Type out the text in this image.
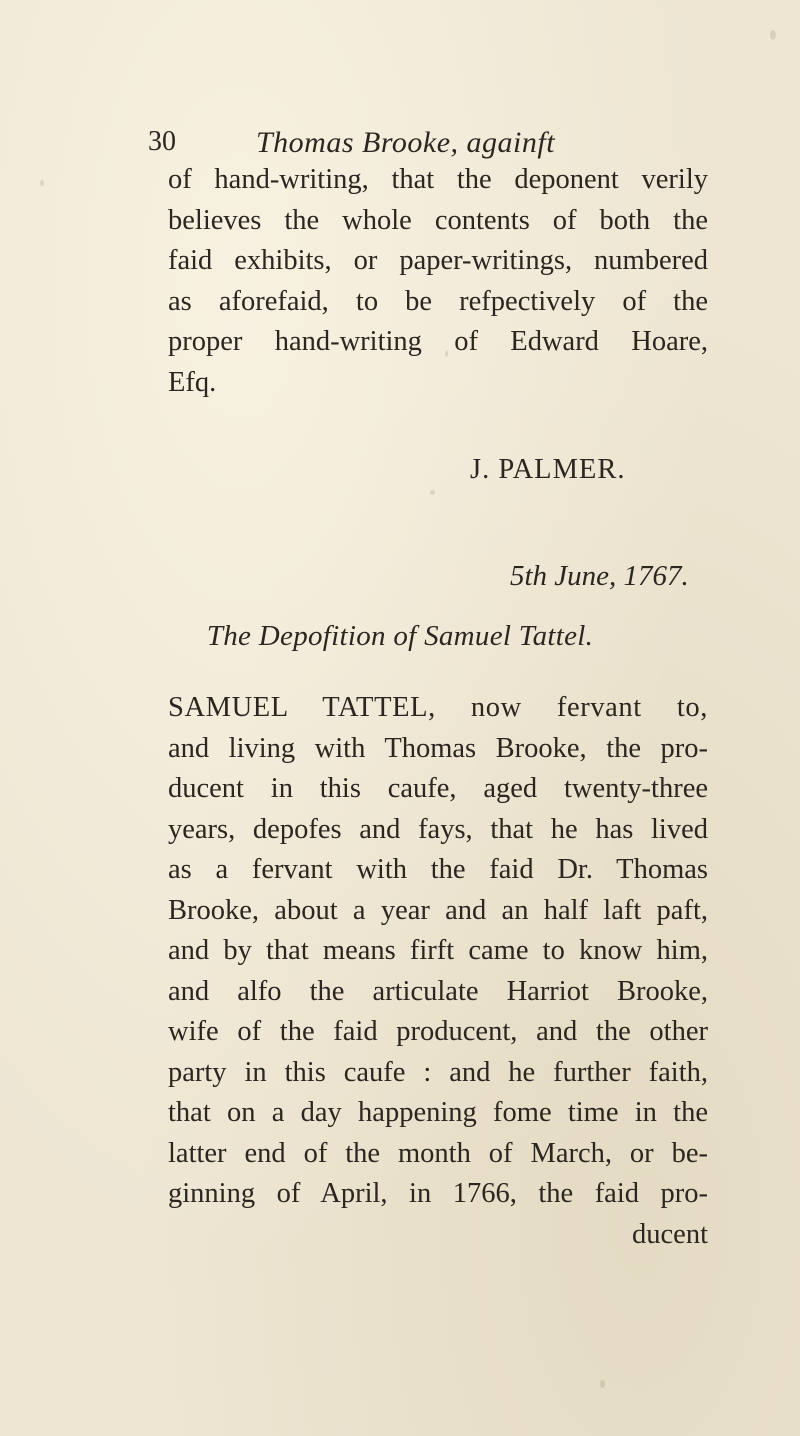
30	Thomas Brooke, againft
of hand-writing, that the deponent verily
believes the whole contents of both the
faid exhibits, or paper-writings, numbered
as aforefaid, to be refpectively of the
proper hand-writing of Edward Hoare,
Efq.
J. PALMER.
5th June, 1767.
The Depofition of Samuel Tattel.
SAMUEL TATTEL, now fervant to,
and living with Thomas Brooke, the pro-
ducent in this caufe, aged twenty-three
years, depofes and fays, that he has lived
as a fervant with the faid Dr. Thomas
Brooke, about a year and an half laft paft,
and by that means firft came to know him,
and alfo the articulate Harriot Brooke,
wife of the faid producent, and the other
party in this caufe : and he further faith,
that on a day happening fome time in the
latter end of the month of March, or be-
ginning of April, in 1766, the faid pro-
ducent
